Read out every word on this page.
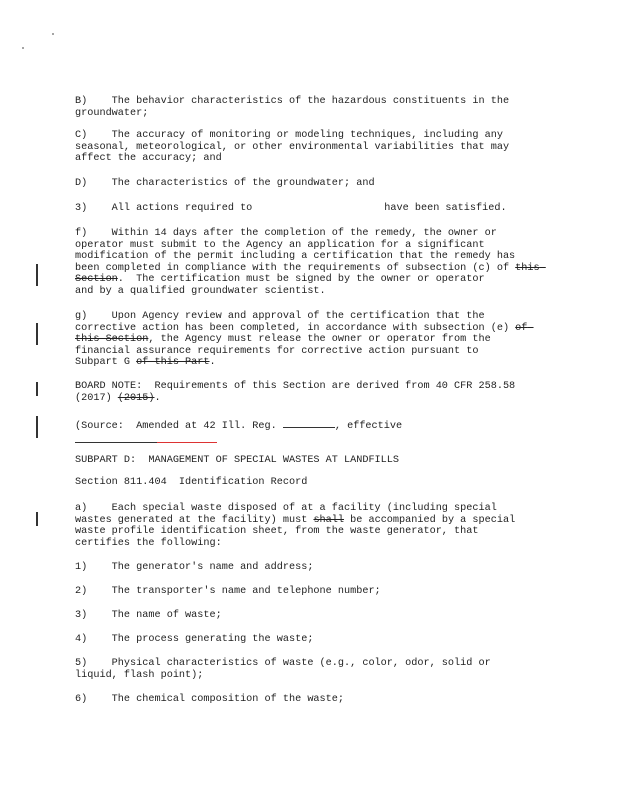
B)    The behavior characteristics of the hazardous constituents in the
groundwater;
C)    The accuracy of monitoring or modeling techniques, including any
seasonal, meteorological, or other environmental variabilities that may
affect the accuracy; and
D)    The characteristics of the groundwater; and
3)    All actions required to	have been satisfied.
f)    Within 14 days after the completion of the remedy, the owner or
operator must submit to the Agency an application for a significant
modification of the permit including a certification that the remedy has
been completed in compliance with the requirements of subsection (c) of this Section.  The certification must be signed by the owner or operator
and by a qualified groundwater scientist.
g)    Upon Agency review and approval of the certification that the
corrective action has been completed, in accordance with subsection (e) of this Section, the Agency must release the owner or operator from the
financial assurance requirements for corrective action pursuant to
Subpart G of this Part.
BOARD NOTE:  Requirements of this Section are derived from 40 CFR 258.58
(2017) (2015).
(Source:  Amended at 42 Ill. Reg.	, effective

SUBPART D:  MANAGEMENT OF SPECIAL WASTES AT LANDFILLS
Section 811.404  Identification Record
a)    Each special waste disposed of at a facility (including special
wastes generated at the facility) must shall be accompanied by a special
waste profile identification sheet, from the waste generator, that
certifies the following:
1)    The generator's name and address;
2)    The transporter's name and telephone number;
3)    The name of waste;
4)    The process generating the waste;
5)    Physical characteristics of waste (e.g., color, odor, solid or
liquid, flash point);
6)    The chemical composition of the waste;
